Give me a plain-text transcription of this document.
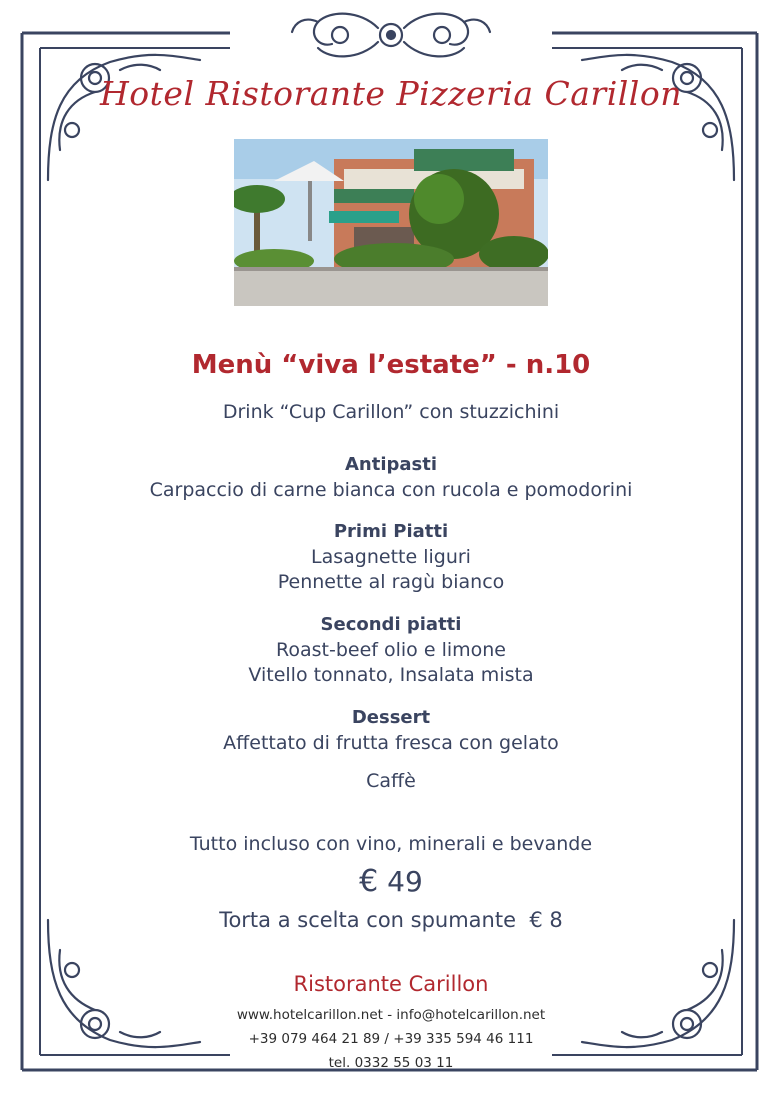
Hotel Ristorante Pizzeria Carillon
Menù “viva l’estate” - n.10
Drink “Cup Carillon” con stuzzichini
Antipasti
Carpaccio di carne bianca con rucola e pomodorini
Primi Piatti
Lasagnette liguri
Pennette al ragù bianco
Secondi piatti
Roast-beef olio e limone
Vitello tonnato, Insalata mista
Dessert
Affettato di frutta fresca con gelato
Caffè
Tutto incluso con vino, minerali e bevande
€ 49
Torta a scelta con spumante € 8
Ristorante Carillon
www.hotelcarillon.net - info@hotelcarillon.net
+39 079 464 21 89 / +39 335 594 46 111
tel. 0332 55 03 11
